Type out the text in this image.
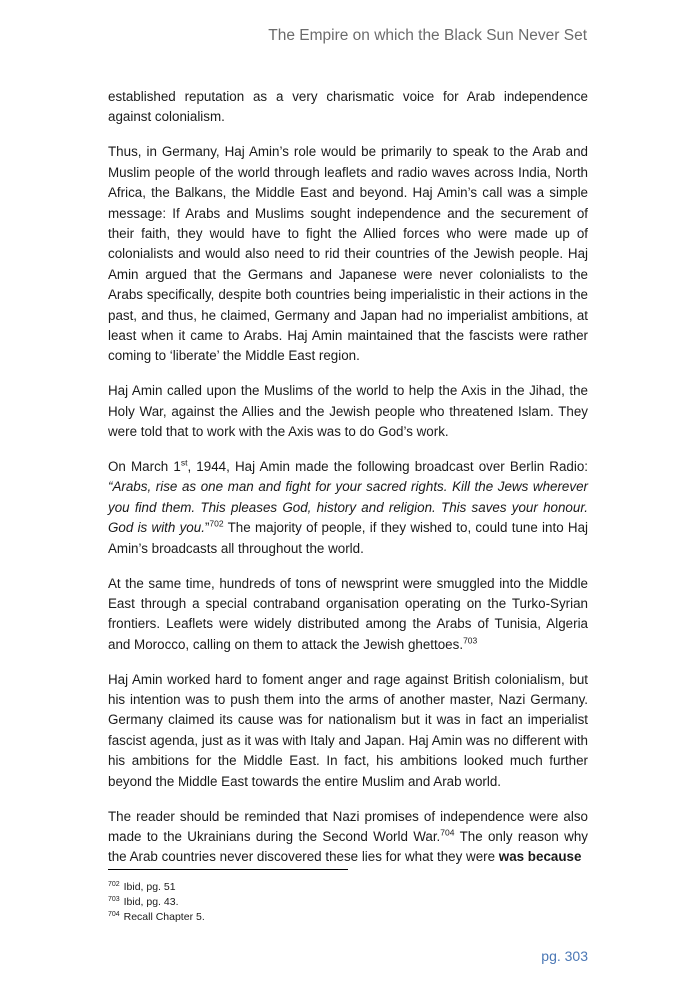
The Empire on which the Black Sun Never Set

established reputation as a very charismatic voice for Arab independence against colonialism.

Thus, in Germany, Haj Amin’s role would be primarily to speak to the Arab and Muslim people of the world through leaflets and radio waves across India, North Africa, the Balkans, the Middle East and beyond. Haj Amin’s call was a simple message: If Arabs and Muslims sought independence and the securement of their faith, they would have to fight the Allied forces who were made up of colonialists and would also need to rid their countries of the Jewish people. Haj Amin argued that the Germans and Japanese were never colonialists to the Arabs specifically, despite both countries being imperialistic in their actions in the past, and thus, he claimed, Germany and Japan had no imperialist ambitions, at least when it came to Arabs. Haj Amin maintained that the fascists were rather coming to ‘liberate’ the Middle East region.

Haj Amin called upon the Muslims of the world to help the Axis in the Jihad, the Holy War, against the Allies and the Jewish people who threatened Islam. They were told that to work with the Axis was to do God’s work.

On March 1st, 1944, Haj Amin made the following broadcast over Berlin Radio: “Arabs, rise as one man and fight for your sacred rights. Kill the Jews wherever you find them. This pleases God, history and religion. This saves your honour. God is with you.”$^{702}$ The majority of people, if they wished to, could tune into Haj Amin’s broadcasts all throughout the world.

At the same time, hundreds of tons of newsprint were smuggled into the Middle East through a special contraband organisation operating on the Turko-Syrian frontiers. Leaflets were widely distributed among the Arabs of Tunisia, Algeria and Morocco, calling on them to attack the Jewish ghettoes.$^{703}$

Haj Amin worked hard to foment anger and rage against British colonialism, but his intention was to push them into the arms of another master, Nazi Germany. Germany claimed its cause was for nationalism but it was in fact an imperialist fascist agenda, just as it was with Italy and Japan. Haj Amin was no different with his ambitions for the Middle East. In fact, his ambitions looked much further beyond the Middle East towards the entire Muslim and Arab world.

The reader should be reminded that Nazi promises of independence were also made to the Ukrainians during the Second World War.$^{704}$ The only reason why the Arab countries never discovered these lies for what they were was because

$^{702}$ Ibid, pg. 51
$^{703}$ Ibid, pg. 43.
$^{704}$ Recall Chapter 5.
pg. 303
